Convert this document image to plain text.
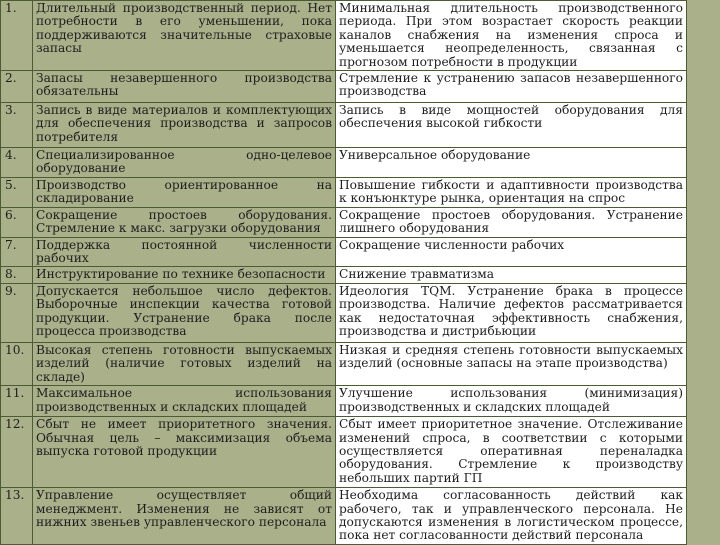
1.	Длительный производственный период. Нет потребности в его уменьшении, пока поддерживаются значительные страховые запасы	Минимальная длительность производственного периода. При этом возрастает скорость реакции каналов снабжения на изменения спроса и уменьшается неопределенность, связанная с прогнозом потребности в продукции
2.	Запасы незавершенного производства обязательны	Стремление к устранению запасов незавершенного производства
3.	Запись в виде материалов и комплектующих для обеспечения производства и запросов потребителя	Запись в виде мощностей оборудования для обеспечения высокой гибкости
4.	Специализированное одно-целевое оборудование	Универсальное оборудование
5.	Производство ориентированное на складирование	Повышение гибкости и адаптивности производства к конъюнктуре рынка, ориентация на спрос
6.	Сокращение простоев оборудования. Стремление к макс. загрузки оборудования	Сокращение простоев оборудования. Устранение лишнего оборудования
7.	Поддержка постоянной численности рабочих	Сокращение численности рабочих
8.	Инструктирование по технике безопасности	Снижение травматизма
9.	Допускается небольшое число дефектов. Выборочные инспекции качества готовой продукции. Устранение брака после процесса производства	Идеология TQM. Устранение брака в процессе производства. Наличие дефектов рассматривается как недостаточная эффективность снабжения, производства и дистрибьюции
10.	Высокая степень готовности выпускаемых изделий (наличие готовых изделий на складе)	Низкая и средняя степень готовности выпускаемых изделий (основные запасы на этапе производства)
11.	Максимальное использования производственных и складских площадей	Улучшение использования (минимизация) производственных и складских площадей
12.	Сбыт не имеет приоритетного значения. Обычная цель – максимизация объема выпуска готовой продукции	Сбыт имеет приоритетное значение. Отслеживание изменений спроса, в соответствии с которыми осуществляется оперативная переналадка оборудования. Стремление к производству небольших партий ГП
13.	Управление осуществляет общий менеджмент. Изменения не зависят от нижних звеньев управленческого персонала	Необходима согласованность действий как рабочего, так и управленческого персонала. Не допускаются изменения в логистическом процессе, пока нет согласованности действий персонала
